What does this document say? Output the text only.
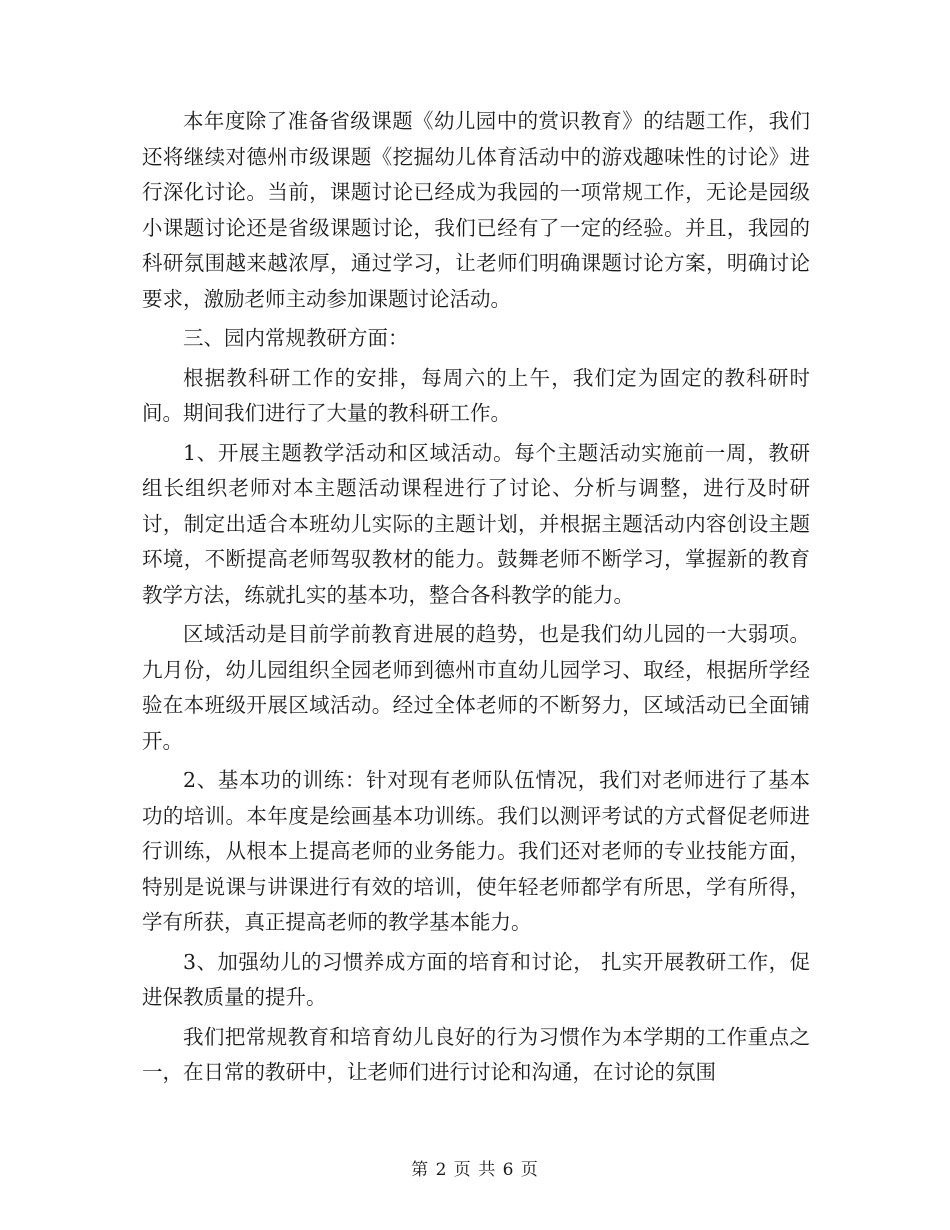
本年度除了准备省级课题《幼儿园中的赏识教育》的结题工作，我们还将继续对德州市级课题《挖掘幼儿体育活动中的游戏趣味性的讨论》进行深化讨论。当前，课题讨论已经成为我园的一项常规工作，无论是园级小课题讨论还是省级课题讨论，我们已经有了一定的经验。并且，我园的科研氛围越来越浓厚，通过学习，让老师们明确课题讨论方案，明确讨论要求，激励老师主动参加课题讨论活动。

三、园内常规教研方面：

根据教科研工作的安排，每周六的上午，我们定为固定的教科研时间。期间我们进行了大量的教科研工作。

1、开展主题教学活动和区域活动。每个主题活动实施前一周，教研组长组织老师对本主题活动课程进行了讨论、分析与调整，进行及时研讨，制定出适合本班幼儿实际的主题计划，并根据主题活动内容创设主题环境，不断提高老师驾驭教材的能力。鼓舞老师不断学习，掌握新的教育教学方法，练就扎实的基本功，整合各科教学的能力。

区域活动是目前学前教育进展的趋势，也是我们幼儿园的一大弱项。九月份，幼儿园组织全园老师到德州市直幼儿园学习、取经，根据所学经验在本班级开展区域活动。经过全体老师的不断努力，区域活动已全面铺开。

2、基本功的训练：针对现有老师队伍情况，我们对老师进行了基本功的培训。本年度是绘画基本功训练。我们以测评考试的方式督促老师进行训练，从根本上提高老师的业务能力。我们还对老师的专业技能方面，特别是说课与讲课进行有效的培训，使年轻老师都学有所思，学有所得，学有所获，真正提高老师的教学基本能力。

3、加强幼儿的习惯养成方面的培育和讨论， 扎实开展教研工作，促进保教质量的提升。

我们把常规教育和培育幼儿良好的行为习惯作为本学期的工作重点之一，在日常的教研中，让老师们进行讨论和沟通，在讨论的氛围

第 2 页 共 6 页
